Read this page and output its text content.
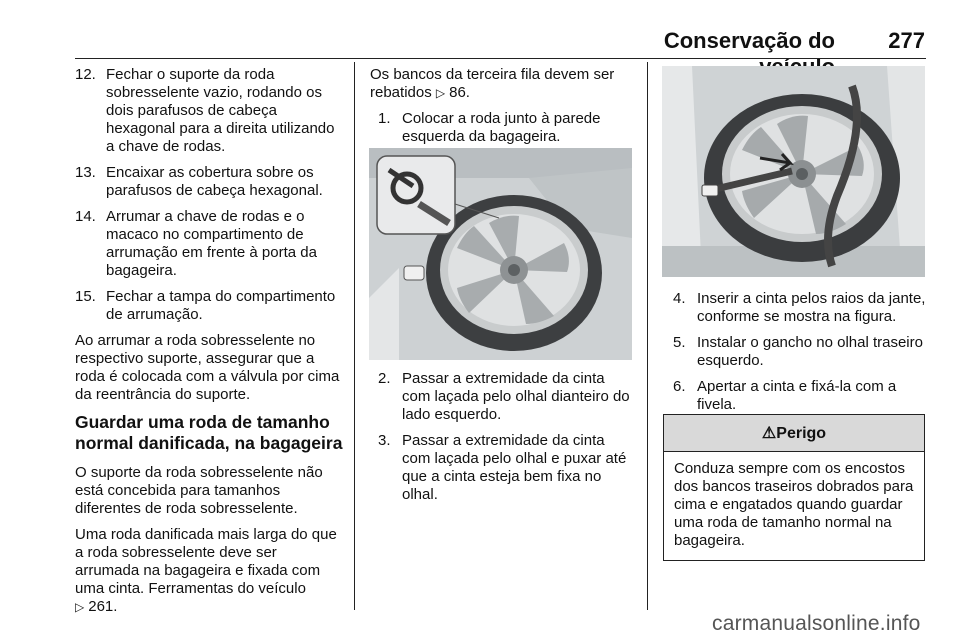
Conservação do	277
12. Fechar o suporte da roda sobresselente vazio, rodando os dois parafusos de cabeça hexagonal para a direita utilizando a chave de rodas.
13. Encaixar as cobertura sobre os parafusos de cabeça hexagonal.
14. Arrumar a chave de rodas e o macaco no compartimento de arrumação em frente à porta da bagageira.
15. Fechar a tampa do compartimento de arrumação.

Ao arrumar a roda sobresselente no respectivo suporte, assegurar que a roda é colocada com a válvula por cima da reentrância do suporte.

Guardar uma roda de tamanho normal danificada, na bagageira

O suporte da roda sobresselente não está concebida para tamanhos diferentes de roda sobresselente.

Uma roda danificada mais larga do que a roda sobresselente deve ser arrumada na bagageira e fixada com uma cinta. Ferramentas do veículo
▷ 261.

Os bancos da terceira fila devem ser rebatidos ▷ 86.

1. Colocar a roda junto à parede esquerda da bagageira.
2. Passar a extremidade da cinta com laçada pelo olhal dianteiro do lado esquerdo.
3. Passar a extremidade da cinta com laçada pelo olhal e puxar até que a cinta esteja bem fixa no olhal.
4. Inserir a cinta pelos raios da jante, conforme se mostra na figura.
5. Instalar o gancho no olhal traseiro esquerdo.
6. Apertar a cinta e fixá-la com a fivela.
⚠Perigo
Conduza sempre com os encostos dos bancos traseiros dobrados para cima e engatados quando guardar uma roda de tamanho normal na bagageira.
carmanualsonline.info
